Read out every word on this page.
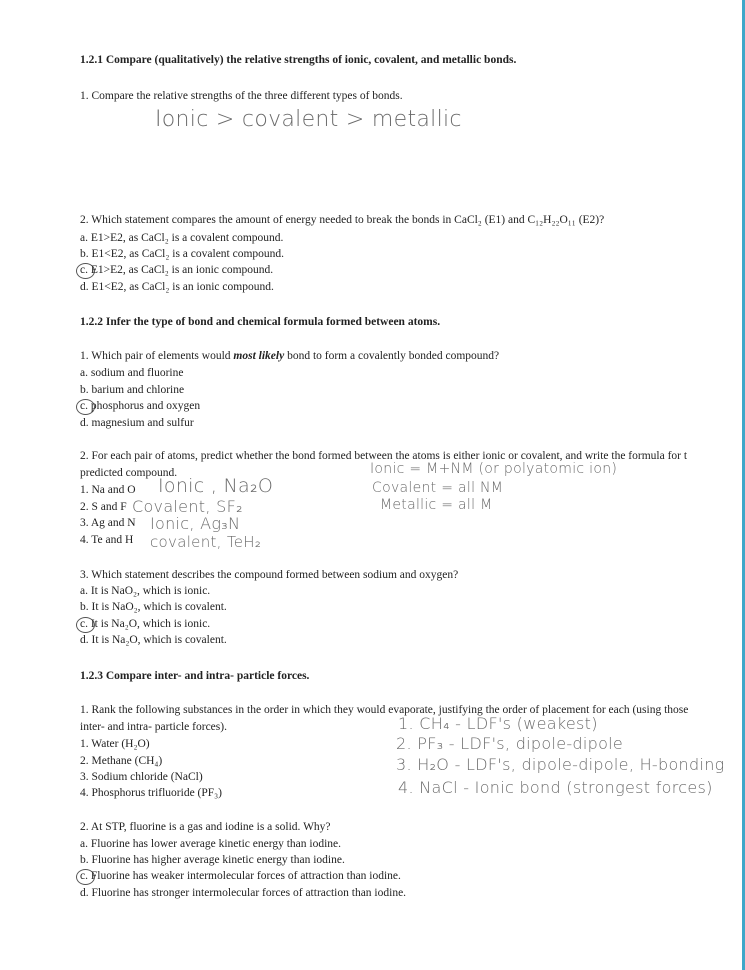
1.2.1 Compare (qualitatively) the relative strengths of ionic, covalent, and metallic bonds.
1. Compare the relative strengths of the three different types of bonds.
Ionic > covalent > metallic
2. Which statement compares the amount of energy needed to break the bonds in CaCl₂ (E1) and C₁₂H₂₂O₁₁ (E2)?
a. E1>E2, as CaCl₂ is a covalent compound.
b. E1<E2, as CaCl₂ is a covalent compound.
c. E1>E2, as CaCl₂ is an ionic compound.
d. E1<E2, as CaCl₂ is an ionic compound.
1.2.2 Infer the type of bond and chemical formula formed between atoms.
1. Which pair of elements would most likely bond to form a covalently bonded compound?
a. sodium and fluorine
b. barium and chlorine
c. phosphorus and oxygen
d. magnesium and sulfur
2. For each pair of atoms, predict whether the bond formed between the atoms is either ionic or covalent, and write the formula for t
predicted compound.
1. Na and O
2. S and F
3. Ag and N
4. Te and H
Ionic , Na₂O
Covalent, SF₂
Ionic, Ag₃N
covalent, TeH₂
Ionic = M+NM (or polyatomic ion)
Covalent = all NM
Metallic = all M
3. Which statement describes the compound formed between sodium and oxygen?
a. It is NaO₂, which is ionic.
b. It is NaO₂, which is covalent.
c. It is Na₂O, which is ionic.
d. It is Na₂O, which is covalent.
1.2.3 Compare inter- and intra- particle forces.
1. Rank the following substances in the order in which they would evaporate, justifying the order of placement for each (using those
inter- and intra- particle forces).
1. Water (H₂O)
2. Methane (CH₄)
3. Sodium chloride (NaCl)
4. Phosphorus trifluoride (PF₃)
1. CH₄ - LDF's (weakest)
2. PF₃ - LDF's, dipole-dipole
3. H₂O - LDF's, dipole-dipole, H-bonding
4. NaCl - Ionic bond (strongest forces)
2. At STP, fluorine is a gas and iodine is a solid. Why?
a. Fluorine has lower average kinetic energy than iodine.
b. Fluorine has higher average kinetic energy than iodine.
c. Fluorine has weaker intermolecular forces of attraction than iodine.
d. Fluorine has stronger intermolecular forces of attraction than iodine.
